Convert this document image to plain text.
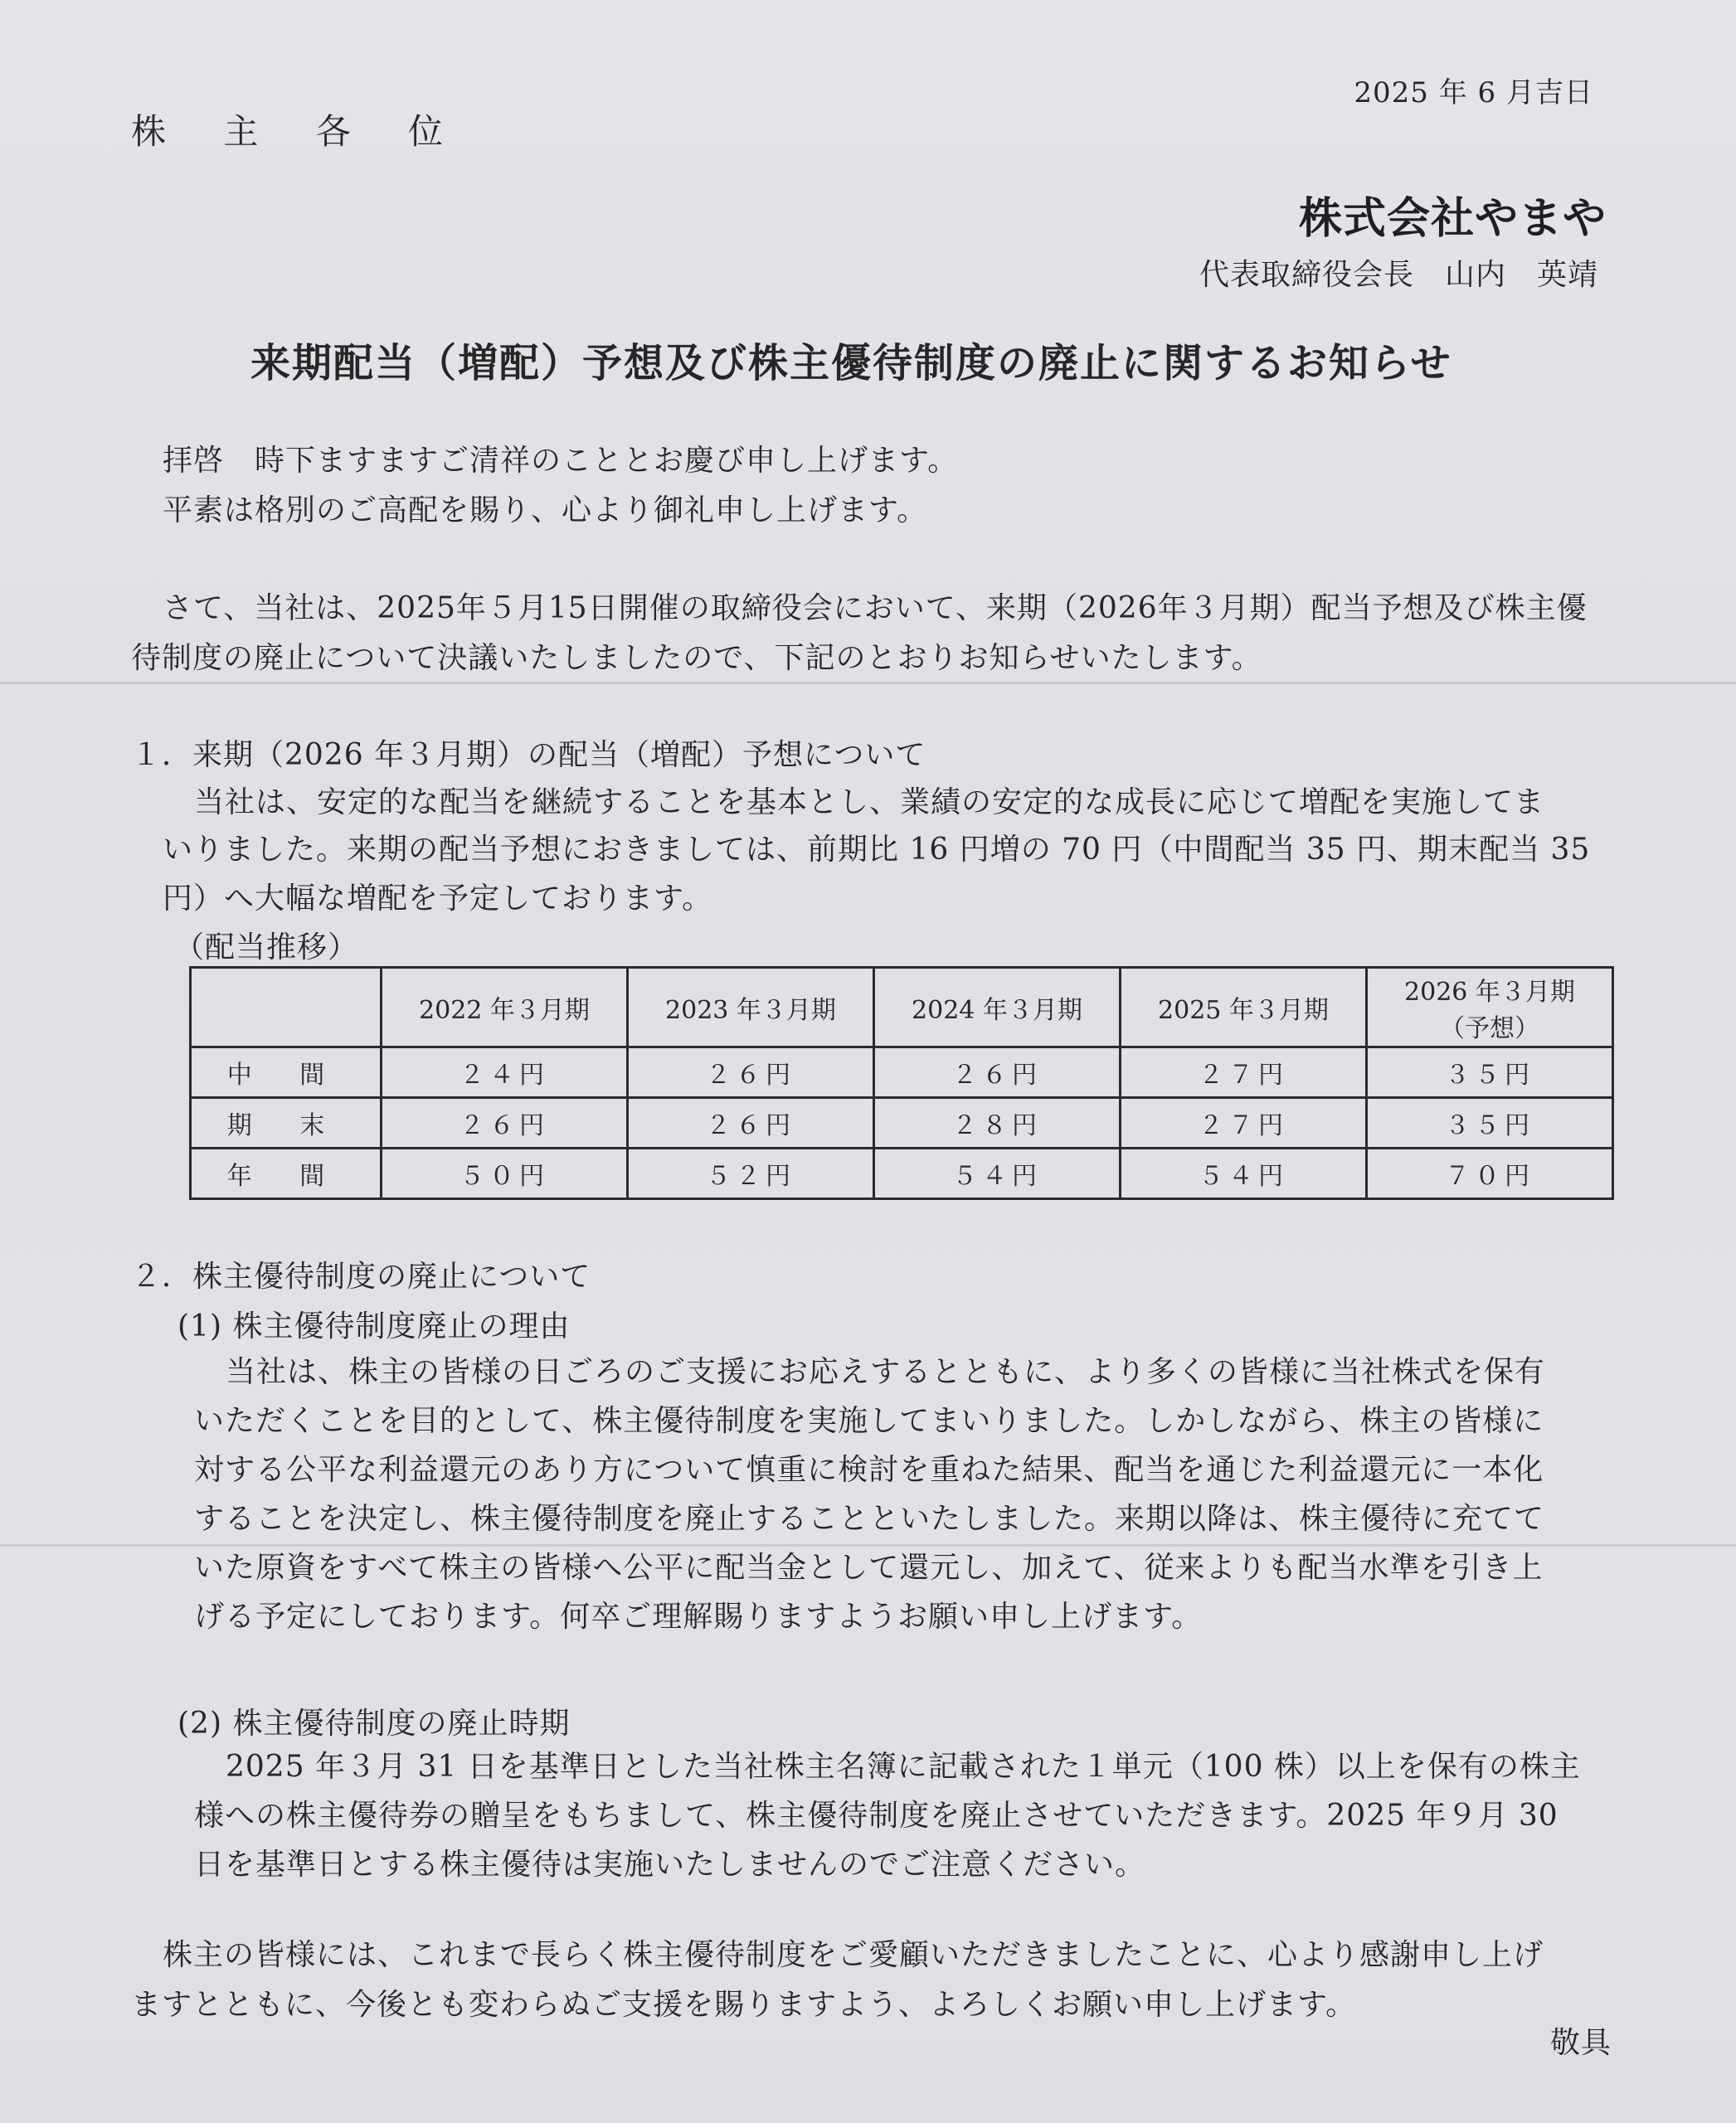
2025 年 6 月吉日
株 主 各 位
株式会社やまや
代表取締役会長　山内　英靖
来期配当（増配）予想及び株主優待制度の廃止に関するお知らせ
拝啓　時下ますますご清祥のこととお慶び申し上げます。
平素は格別のご高配を賜り、心より御礼申し上げます。
さて、当社は、2025年５月15日開催の取締役会において、来期（2026年３月期）配当予想及び株主優
待制度の廃止について決議いたしましたので、下記のとおりお知らせいたします。
１．来期（2026 年３月期）の配当（増配）予想について
当社は、安定的な配当を継続することを基本とし、業績の安定的な成長に応じて増配を実施してま
いりました。来期の配当予想におきましては、前期比 16 円増の 70 円（中間配当 35 円、期末配当 35
円）へ大幅な増配を予定しております。
（配当推移）
	2022 年３月期	2023 年３月期	2024 年３月期	2025 年３月期	2026 年３月期
（予想）

中 間	２４円	２６円	２６円	２７円	３５円
期 末	２６円	２６円	２８円	２７円	３５円
年 間	５０円	５２円	５４円	５４円	７０円
２．株主優待制度の廃止について
(1) 株主優待制度廃止の理由
当社は、株主の皆様の日ごろのご支援にお応えするとともに、より多くの皆様に当社株式を保有
いただくことを目的として、株主優待制度を実施してまいりました。しかしながら、株主の皆様に
対する公平な利益還元のあり方について慎重に検討を重ねた結果、配当を通じた利益還元に一本化
することを決定し、株主優待制度を廃止することといたしました。来期以降は、株主優待に充てて
いた原資をすべて株主の皆様へ公平に配当金として還元し、加えて、従来よりも配当水準を引き上
げる予定にしております。何卒ご理解賜りますようお願い申し上げます。
(2) 株主優待制度の廃止時期
2025 年３月 31 日を基準日とした当社株主名簿に記載された１単元（100 株）以上を保有の株主
様への株主優待券の贈呈をもちまして、株主優待制度を廃止させていただきます。2025 年９月 30
日を基準日とする株主優待は実施いたしませんのでご注意ください。
株主の皆様には、これまで長らく株主優待制度をご愛顧いただきましたことに、心より感謝申し上げ
ますとともに、今後とも変わらぬご支援を賜りますよう、よろしくお願い申し上げます。
敬具
